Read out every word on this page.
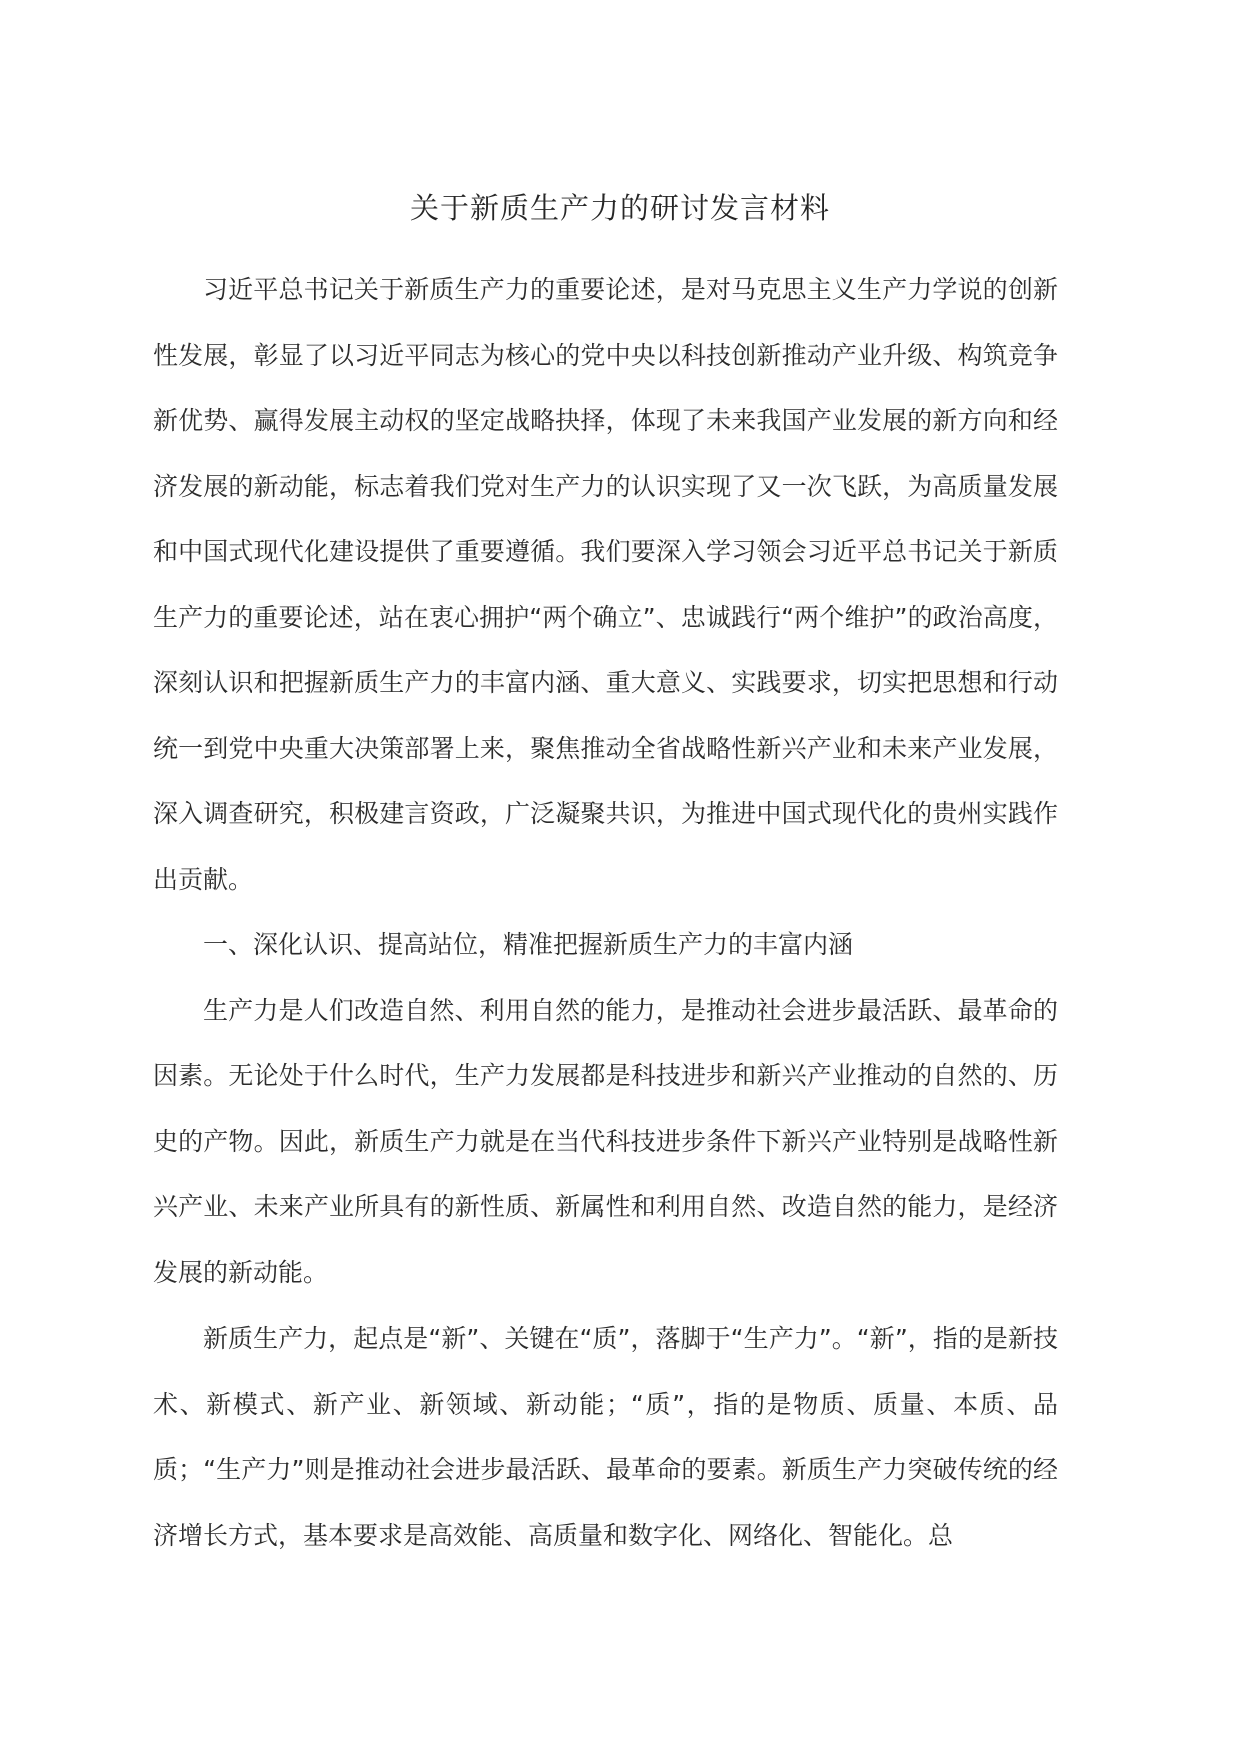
关于新质生产力的研讨发言材料

习近平总书记关于新质生产力的重要论述，是对马克思主义生产力学说的创新性发展，彰显了以习近平同志为核心的党中央以科技创新推动产业升级、构筑竞争新优势、赢得发展主动权的坚定战略抉择，体现了未来我国产业发展的新方向和经济发展的新动能，标志着我们党对生产力的认识实现了又一次飞跃，为高质量发展和中国式现代化建设提供了重要遵循。我们要深入学习领会习近平总书记关于新质生产力的重要论述，站在衷心拥护“两个确立”、忠诚践行“两个维护”的政治高度，深刻认识和把握新质生产力的丰富内涵、重大意义、实践要求，切实把思想和行动统一到党中央重大决策部署上来，聚焦推动全省战略性新兴产业和未来产业发展，深入调查研究，积极建言资政，广泛凝聚共识，为推进中国式现代化的贵州实践作出贡献。

一、深化认识、提高站位，精准把握新质生产力的丰富内涵

生产力是人们改造自然、利用自然的能力，是推动社会进步最活跃、最革命的因素。无论处于什么时代，生产力发展都是科技进步和新兴产业推动的自然的、历史的产物。因此，新质生产力就是在当代科技进步条件下新兴产业特别是战略性新兴产业、未来产业所具有的新性质、新属性和利用自然、改造自然的能力，是经济发展的新动能。

新质生产力，起点是“新”、关键在“质”，落脚于“生产力”。“新”，指的是新技术、新模式、新产业、新领域、新动能；“质”，指的是物质、质量、本质、品质；“生产力”则是推动社会进步最活跃、最革命的要素。新质生产力突破传统的经济增长方式，基本要求是高效能、高质量和数字化、网络化、智能化。总
